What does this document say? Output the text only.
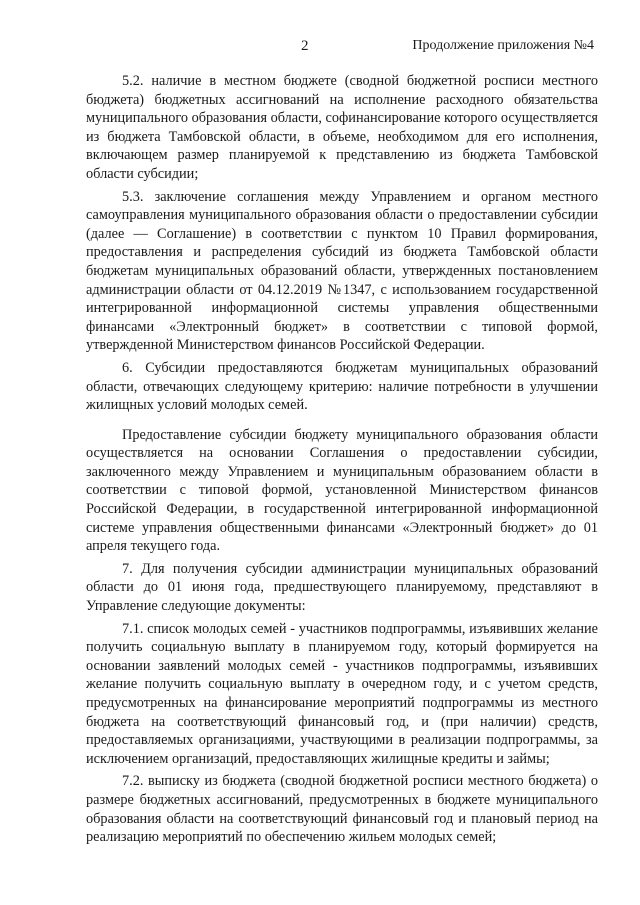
2	Продолжение приложения №4

5.2. наличие в местном бюджете (сводной бюджетной росписи местного бюджета) бюджетных ассигнований на исполнение расходного обязательства муниципального образования области, софинансирование которого осуществляется из бюджета Тамбовской области, в объеме, необходимом для его исполнения, включающем размер планируемой к представлению из бюджета Тамбовской области субсидии;

5.3. заключение соглашения между Управлением и органом местного самоуправления муниципального образования области о предоставлении субсидии (далее — Соглашение) в соответствии с пунктом 10 Правил формирования, предоставления и распределения субсидий из бюджета Тамбовской области бюджетам муниципальных образований области, утвержденных постановлением администрации области от 04.12.2019 №1347, с использованием государственной интегрированной информационной системы управления общественными финансами «Электронный бюджет» в соответствии с типовой формой, утвержденной Министерством финансов Российской Федерации.

6. Субсидии предоставляются бюджетам муниципальных образований области, отвечающих следующему критерию: наличие потребности в улучшении жилищных условий молодых семей.

Предоставление субсидии бюджету муниципального образования области осуществляется на основании Соглашения о предоставлении субсидии, заключенного между Управлением и муниципальным образованием области в соответствии с типовой формой, установленной Министерством финансов Российской Федерации, в государственной интегрированной информационной системе управления общественными финансами «Электронный бюджет» до 01 апреля текущего года.

7. Для получения субсидии администрации муниципальных образований области до 01 июня года, предшествующего планируемому, представляют в Управление следующие документы:

7.1. список молодых семей - участников подпрограммы, изъявивших желание получить социальную выплату в планируемом году, который формируется на основании заявлений молодых семей - участников подпрограммы, изъявивших желание получить социальную выплату в очередном году, и с учетом средств, предусмотренных на финансирование мероприятий подпрограммы из местного бюджета на соответствующий финансовый год, и (при наличии) средств, предоставляемых организациями, участвующими в реализации подпрограммы, за исключением организаций, предоставляющих жилищные кредиты и займы;

7.2. выписку из бюджета (сводной бюджетной росписи местного бюджета) о размере бюджетных ассигнований, предусмотренных в бюджете муниципального образования области на соответствующий финансовый год и плановый период на реализацию мероприятий по обеспечению жильем молодых семей;
